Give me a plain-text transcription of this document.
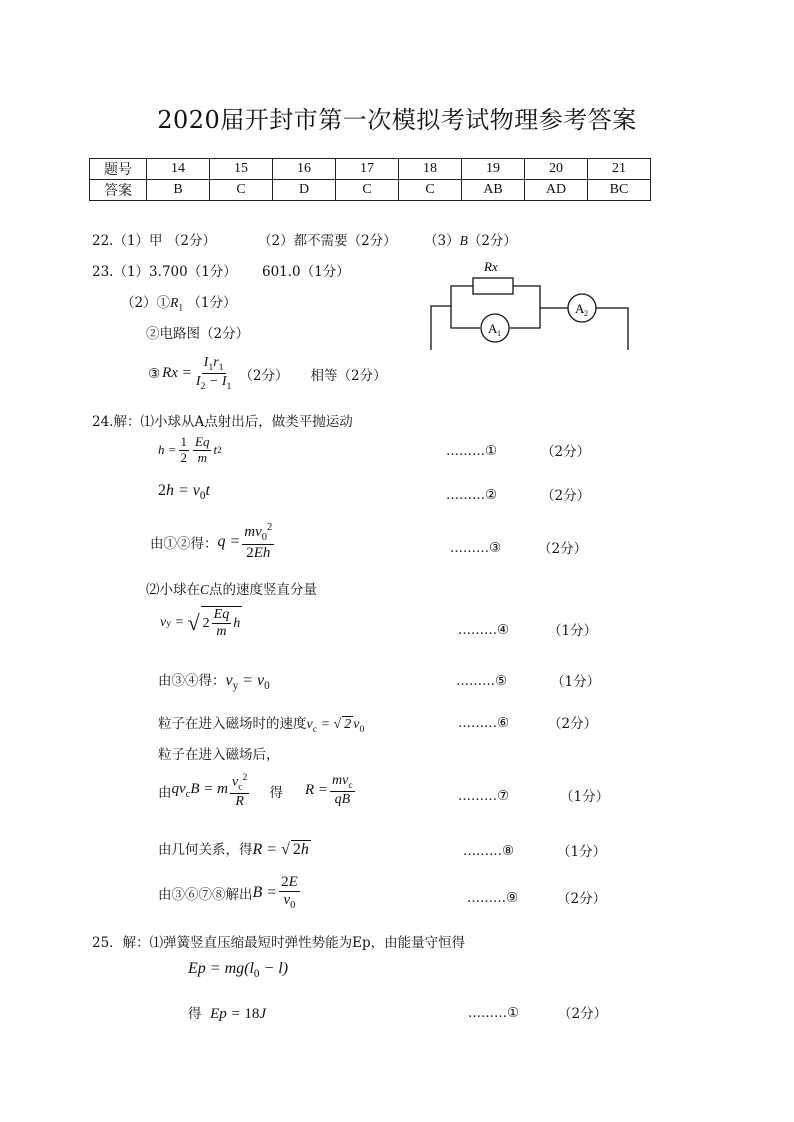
2020届开封市第一次模拟考试物理参考答案
题号	14	15	16	17	18	19	20	21
答案	B	C	D	C	C	AB	AD	BC
22.（1）甲 （2分）	（2）都不需要（2分） （3）B（2分）
23.（1）3.700（1分） 601.0（1分）
$(2)①R_1$ （1分）
②电路图（2分）
③ $Rx = \frac{I_1r_1}{I_2 - I_1} (2$分） 相等（2分）
Rx
A 1
A 2
24.解：⑴小球从A点射出后，做类平抛运动
$h = \frac{1}{2} \frac{Eq}{m}$ t 2	………①	（2分）
$2h = v_0t$	………②	（2分）
由①②得： $q = \frac{mv_0^2}{2Eh}$	………③	（2分）
⑵小球在C点的速度竖直分量
v y = √ $2 \frac{Eq}{m}$ h	………④	（1分）
由③④得：$v_y = v_0$	………⑤	（1分）
粒子在进入磁场时的速度$v_c$ = √ 2 $v_0$	………⑥	（2分）
粒子在进入磁场后，
由 $qv_cB = m \frac{v_c^2}{R}$ 得 $R = \frac{mv_c}{qB}$	………⑦	（1分）
由几何关系，得R = √ 2h	………⑧	（1分）
由③⑥⑦⑧解出 $B = \frac{2E}{v_0}$	………⑨	（2分）
25．解：⑴弹簧竖直压缩最短时弹性势能为Ep，由能量守恒得
$Ep = mg(l_0 - l)$
得 Ep = 18J	………①	（2分）
